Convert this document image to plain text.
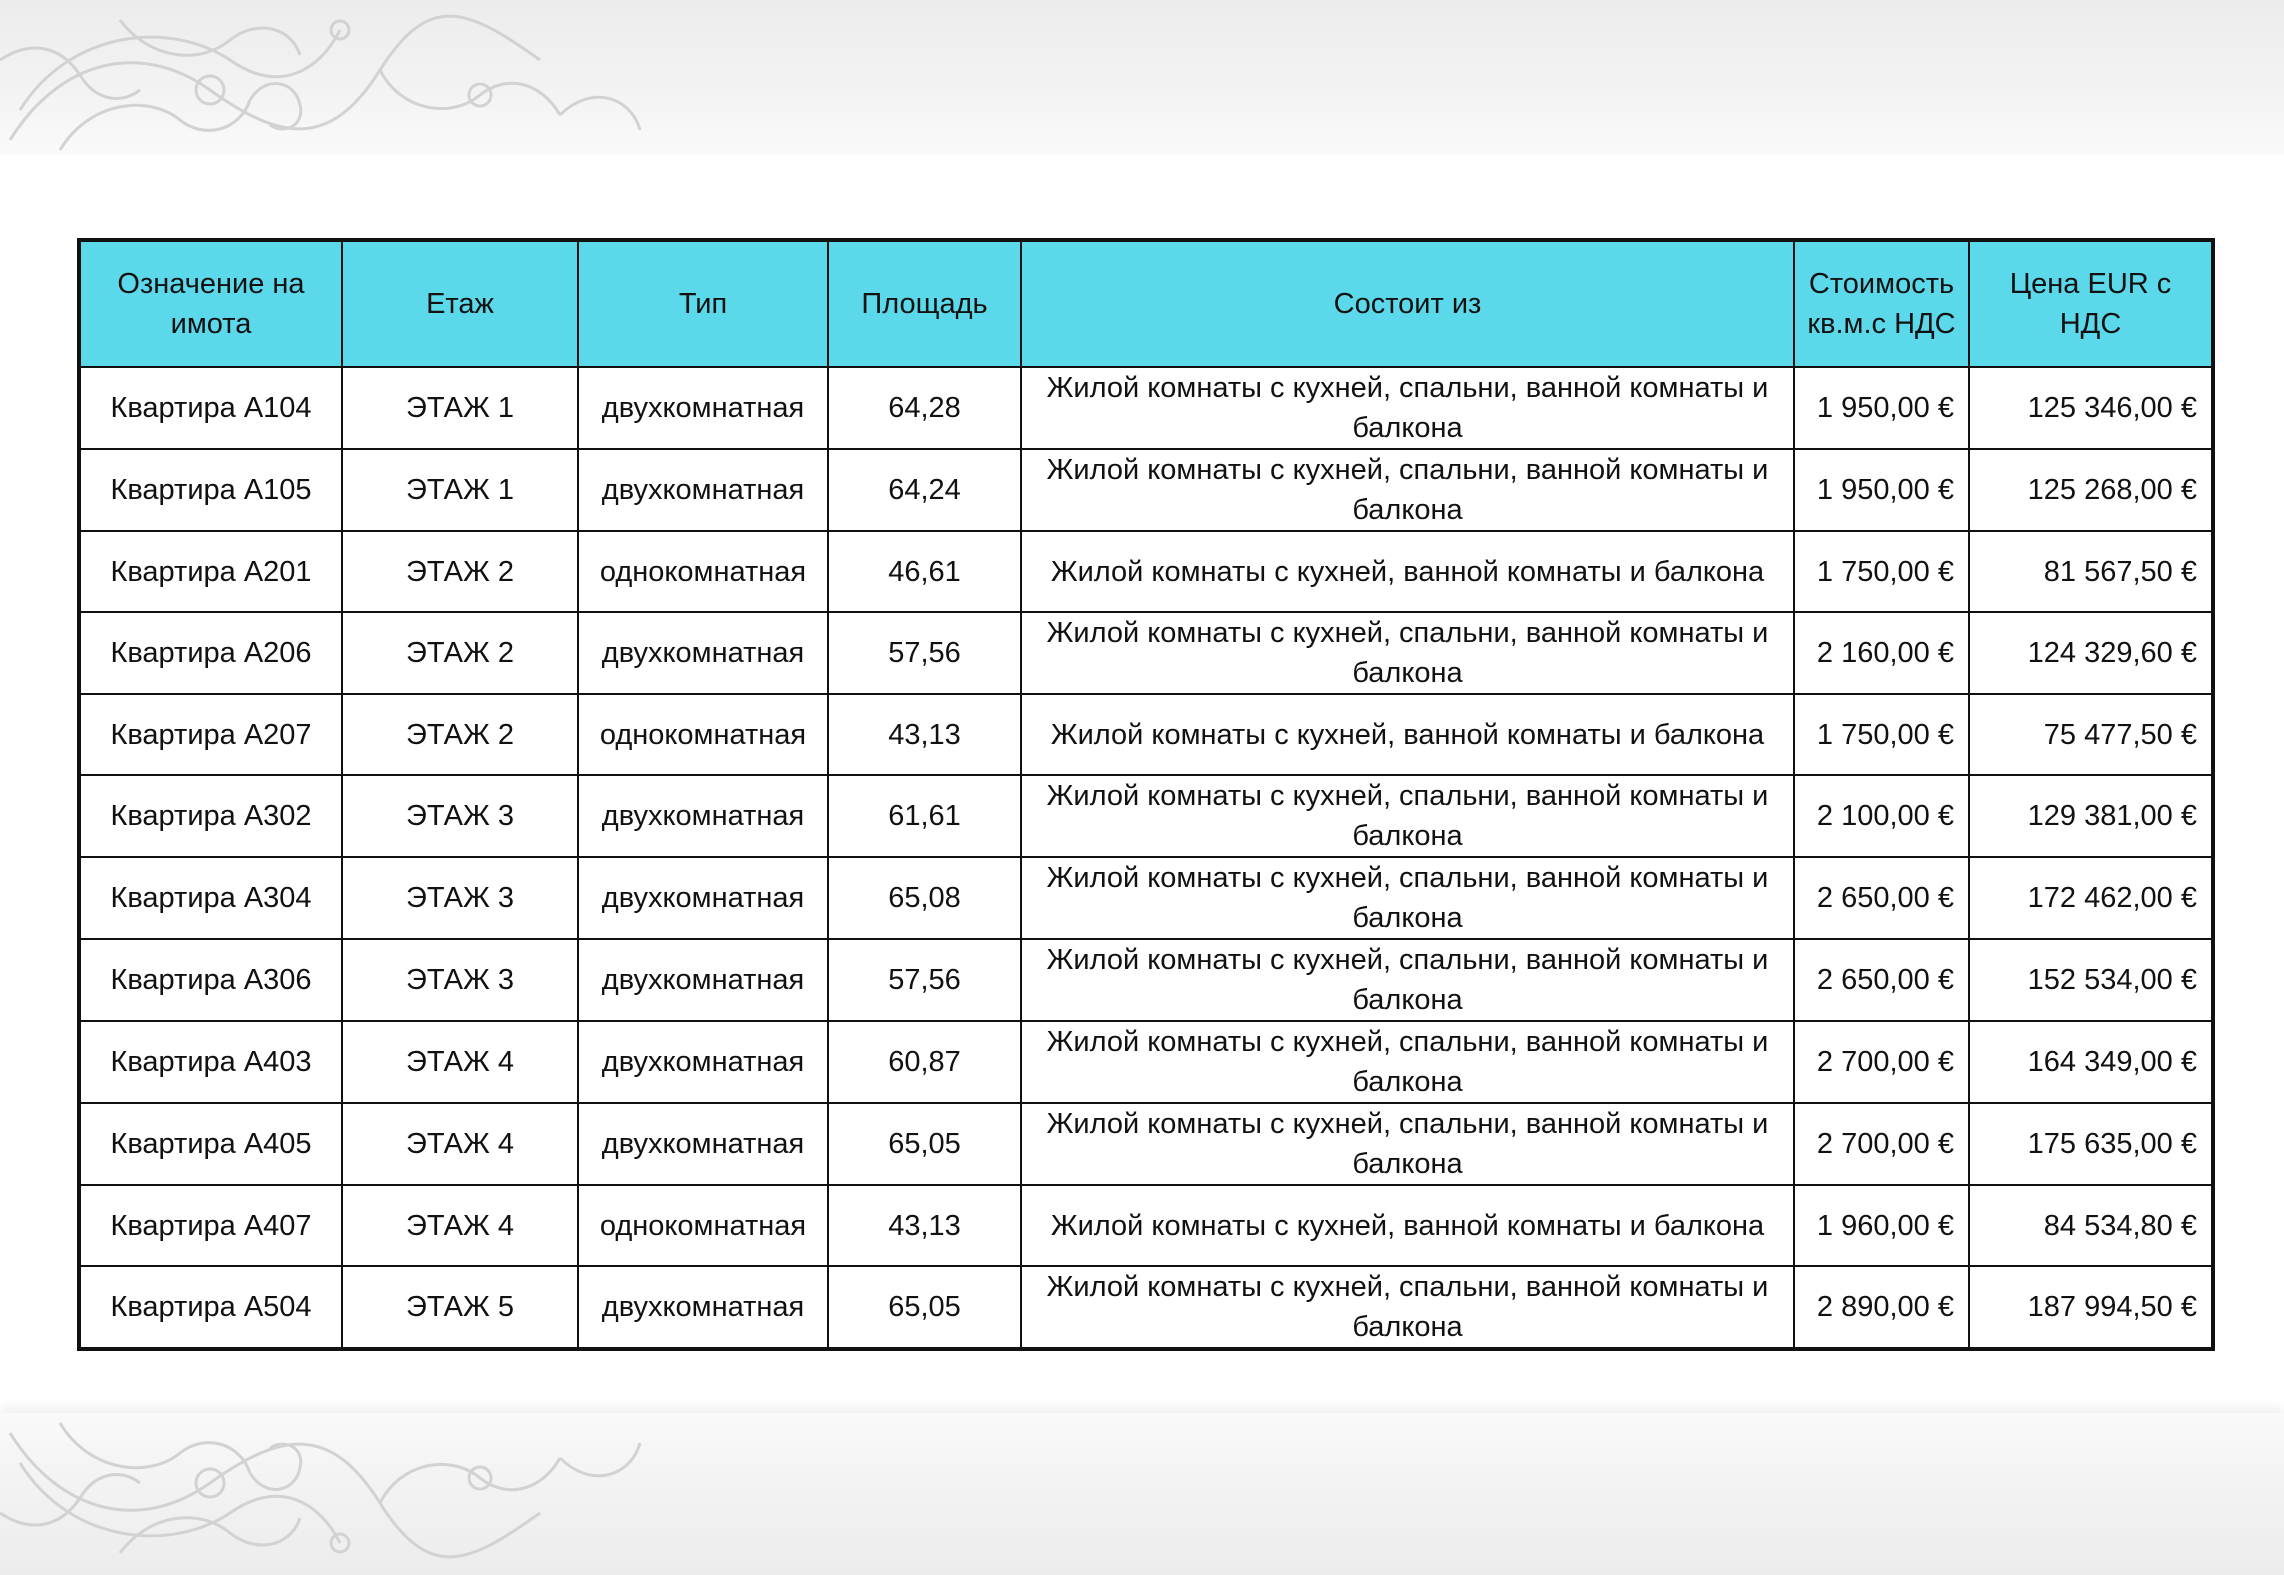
Означение на имота	Етаж	Тип	Площадь	Состоит из	Стоимость кв.м.с НДС	Цена EUR с НДС
Квартира А104	ЭТАЖ 1	двухкомнатная	64,28	Жилой комнаты с кухней, спальни, ванной комнаты и балкона	1 950,00 €	125 346,00 €
Квартира А105	ЭТАЖ 1	двухкомнатная	64,24	Жилой комнаты с кухней, спальни, ванной комнаты и балкона	1 950,00 €	125 268,00 €
Квартира А201	ЭТАЖ 2	однокомнатная	46,61	Жилой комнаты с кухней, ванной комнаты и балкона	1 750,00 €	81 567,50 €
Квартира А206	ЭТАЖ 2	двухкомнатная	57,56	Жилой комнаты с кухней, спальни, ванной комнаты и балкона	2 160,00 €	124 329,60 €
Квартира А207	ЭТАЖ 2	однокомнатная	43,13	Жилой комнаты с кухней, ванной комнаты и балкона	1 750,00 €	75 477,50 €
Квартира А302	ЭТАЖ 3	двухкомнатная	61,61	Жилой комнаты с кухней, спальни, ванной комнаты и балкона	2 100,00 €	129 381,00 €
Квартира А304	ЭТАЖ 3	двухкомнатная	65,08	Жилой комнаты с кухней, спальни, ванной комнаты и балкона	2 650,00 €	172 462,00 €
Квартира А306	ЭТАЖ 3	двухкомнатная	57,56	Жилой комнаты с кухней, спальни, ванной комнаты и балкона	2 650,00 €	152 534,00 €
Квартира А403	ЭТАЖ 4	двухкомнатная	60,87	Жилой комнаты с кухней, спальни, ванной комнаты и балкона	2 700,00 €	164 349,00 €
Квартира А405	ЭТАЖ 4	двухкомнатная	65,05	Жилой комнаты с кухней, спальни, ванной комнаты и балкона	2 700,00 €	175 635,00 €
Квартира А407	ЭТАЖ 4	однокомнатная	43,13	Жилой комнаты с кухней, ванной комнаты и балкона	1 960,00 €	84 534,80 €
Квартира А504	ЭТАЖ 5	двухкомнатная	65,05	Жилой комнаты с кухней, спальни, ванной комнаты и балкона	2 890,00 €	187 994,50 €
